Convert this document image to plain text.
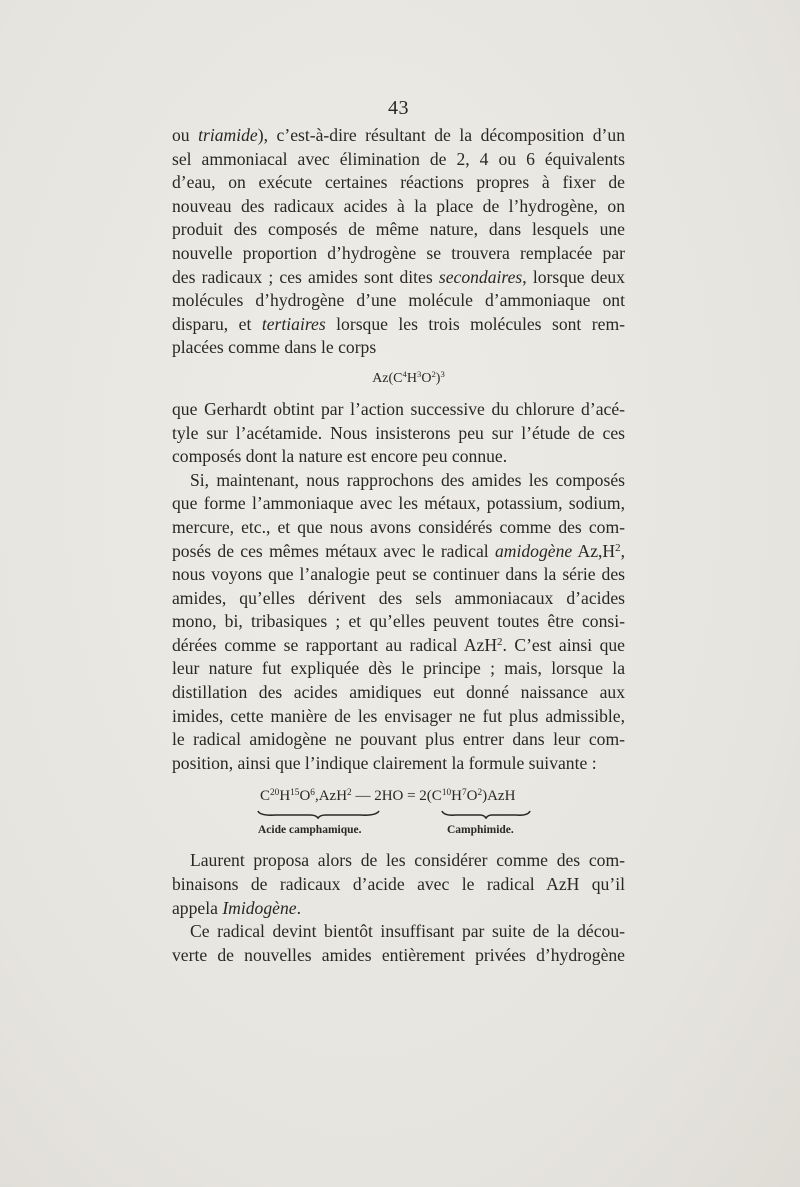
43
ou triamide), c’est-à-dire résultant de la décomposition d’un
sel ammoniacal avec élimination de 2, 4 ou 6 équivalents
d’eau, on exécute certaines réactions propres à fixer de
nouveau des radicaux acides à la place de l’hydrogène, on
produit des composés de même nature, dans lesquels une
nouvelle proportion d’hydrogène se trouvera remplacée par
des radicaux ; ces amides sont dites secondaires, lorsque deux
molécules d’hydrogène d’une molécule d’ammoniaque ont
disparu, et tertiaires lorsque les trois molécules sont rem-
placées comme dans le corps
$Az(C^4H^3O^2)^3$
que Gerhardt obtint par l’action successive du chlorure d’acé-
tyle sur l’acétamide. Nous insisterons peu sur l’étude de ces
composés dont la nature est encore peu connue.
Si, maintenant, nous rapprochons des amides les composés
que forme l’ammoniaque avec les métaux, potassium, sodium,
mercure, etc., et que nous avons considérés comme des com-
posés de ces mêmes métaux avec le radical amidogène $Az,H^2$,
nous voyons que l’analogie peut se continuer dans la série des
amides, qu’elles dérivent des sels ammoniacaux d’acides
mono, bi, tribasiques ; et qu’elles peuvent toutes être consi-
dérées comme se rapportant au radical AzH$^2$. C’est ainsi que
leur nature fut expliquée dès le principe ; mais, lorsque la
distillation des acides amidiques eut donné naissance aux
imides, cette manière de les envisager ne fut plus admissible,
le radical amidogène ne pouvant plus entrer dans leur com-
position, ainsi que l’indique clairement la formule suivante :
$C^{20}H^{15}O^6,AzH^2$ — $2HO = 2(C^{10}H^7O^2)AzH$
Acide camphamique.	Camphimide.
Laurent proposa alors de les considérer comme des com-
binaisons de radicaux d’acide avec le radical AzH qu’il
appela Imidogène.
Ce radical devint bientôt insuffisant par suite de la décou-
verte de nouvelles amides entièrement privées d’hydrogène
